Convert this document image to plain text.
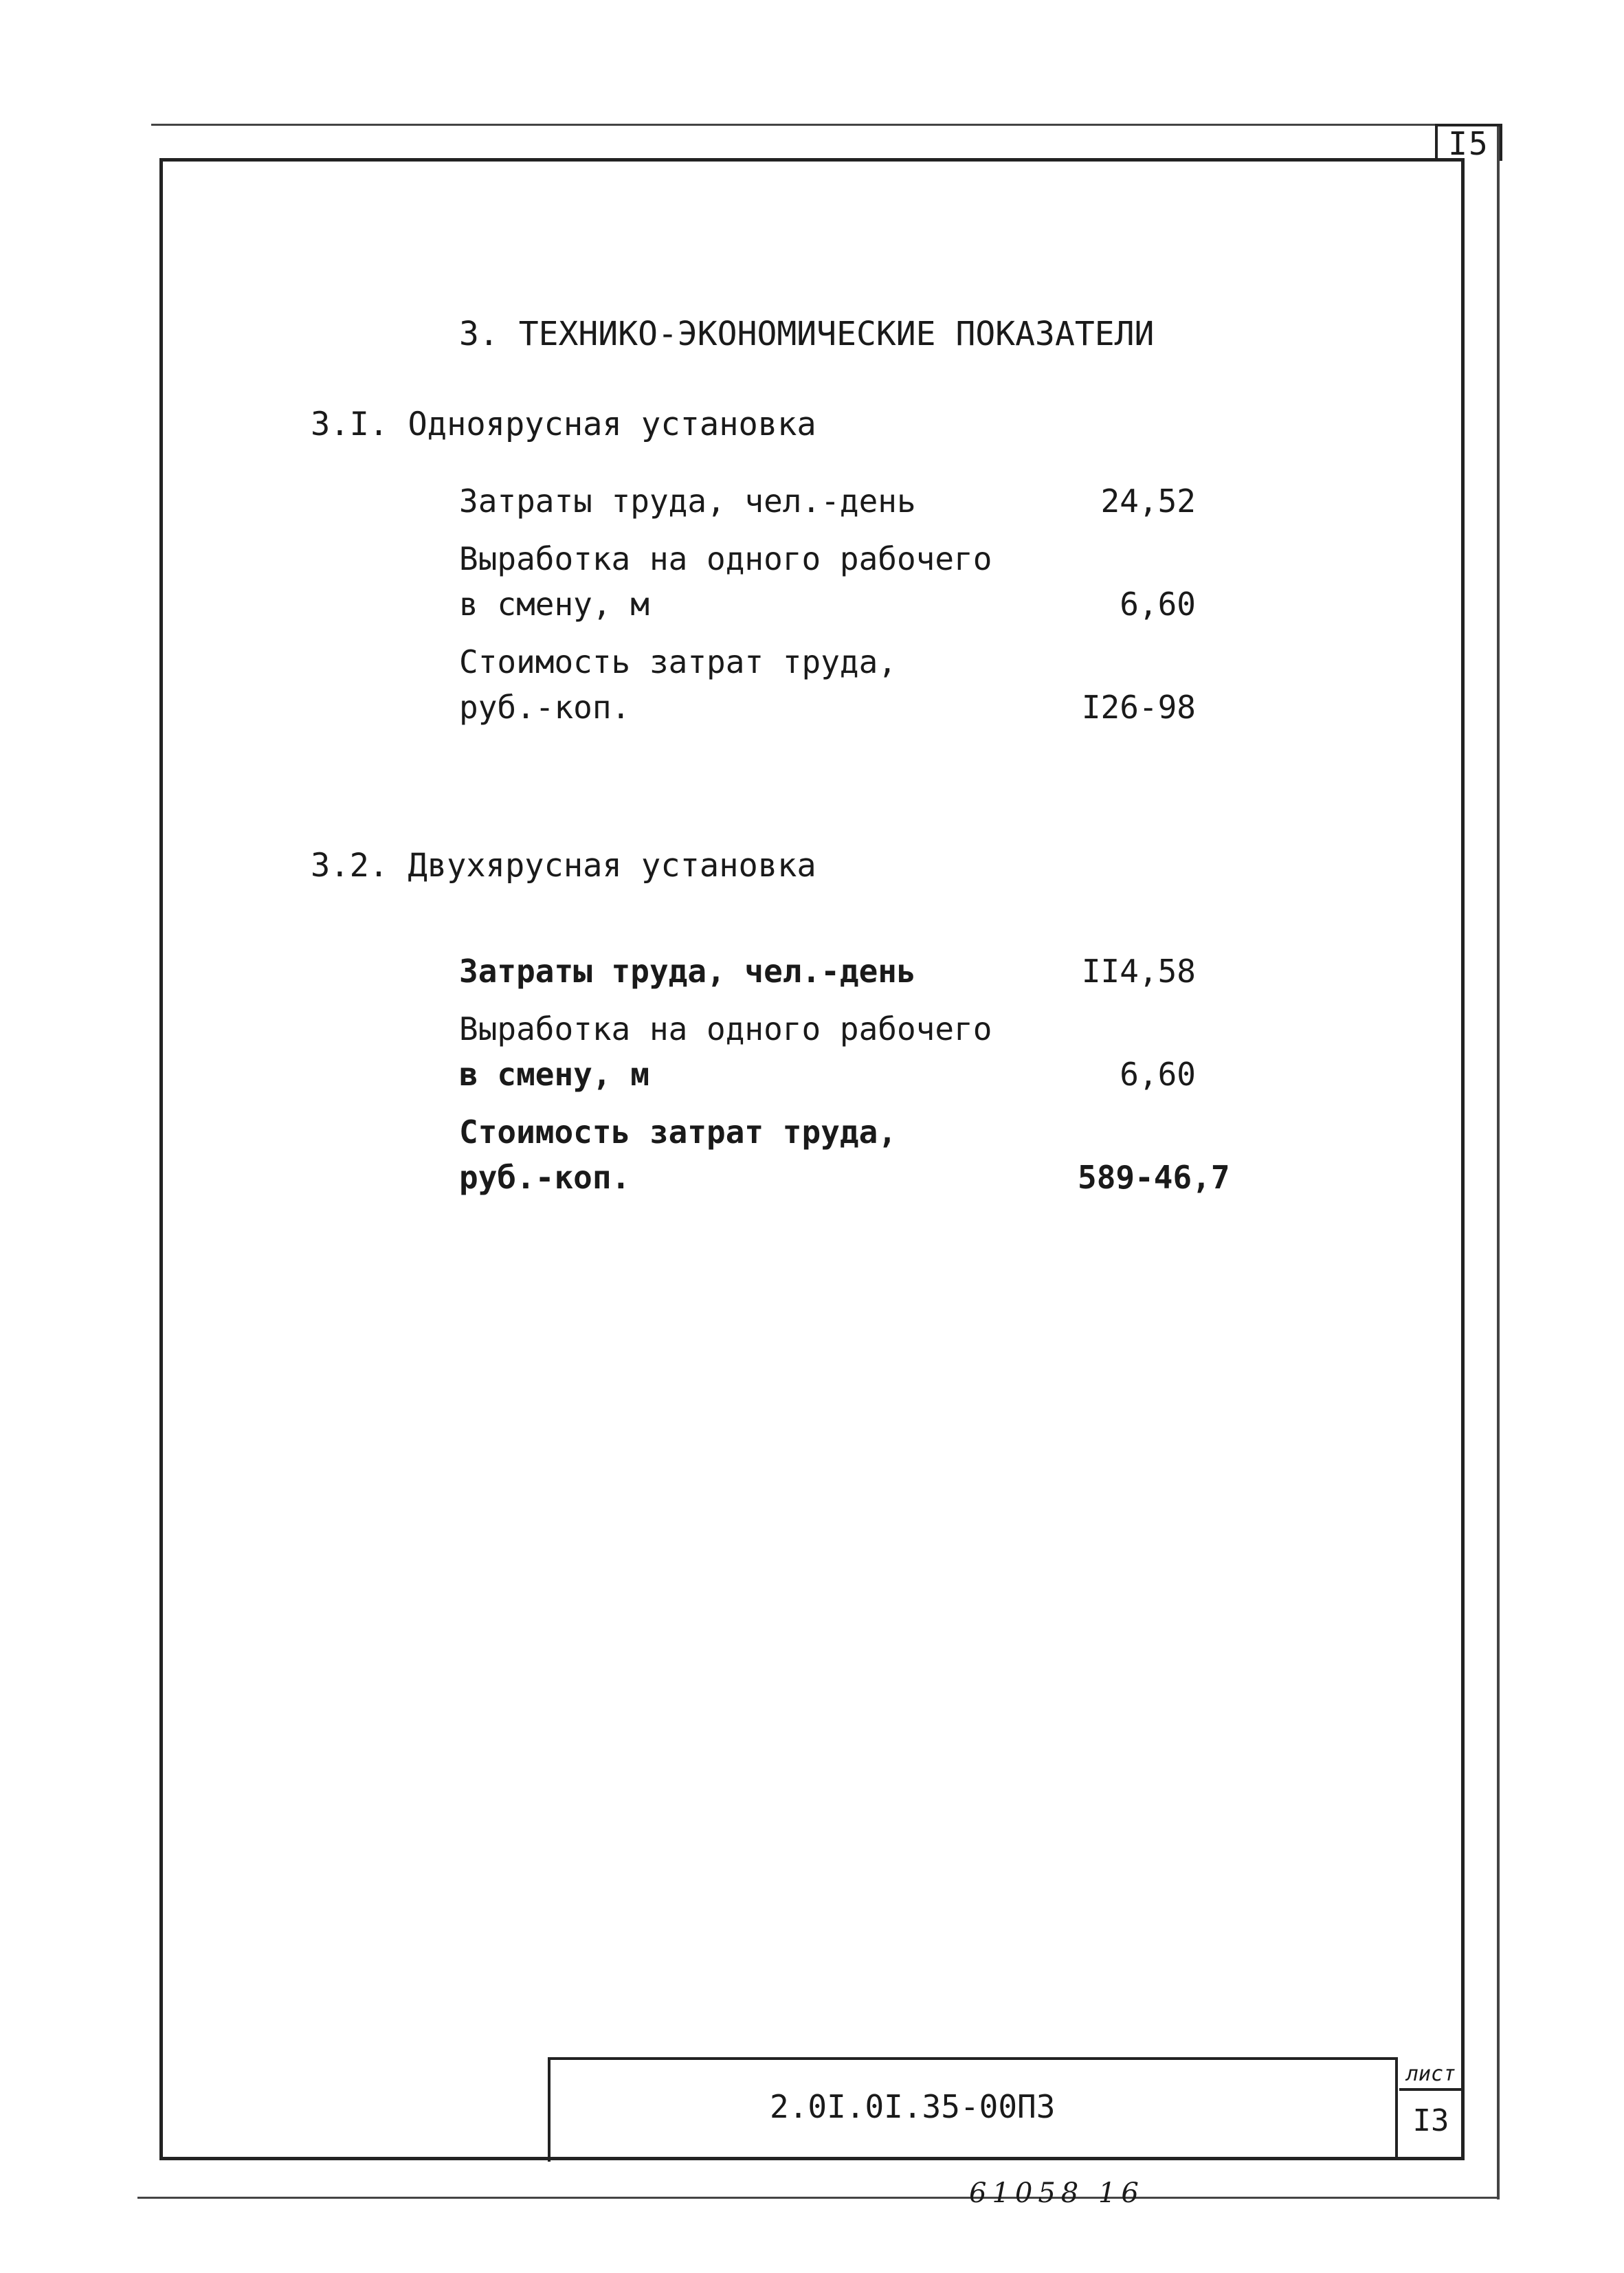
I5
3. ТЕХНИКО-ЭКОНОМИЧЕСКИЕ ПОКАЗАТЕЛИ
3.I. Одноярусная установка
Затраты труда, чел.-день	24,52
Выработка на одного рабочего
в смену, м	6,60
Стоимость затрат труда,
руб.-коп.	I26-98
3.2. Двухярусная установка
Затраты труда, чел.-день	II4,58
Выработка на одного рабочего
в смену, м	6,60
Стоимость затрат труда,
руб.-коп.	589-46,7
2.0I.0I.35-00ПЗ
лист
I3
61058 16
